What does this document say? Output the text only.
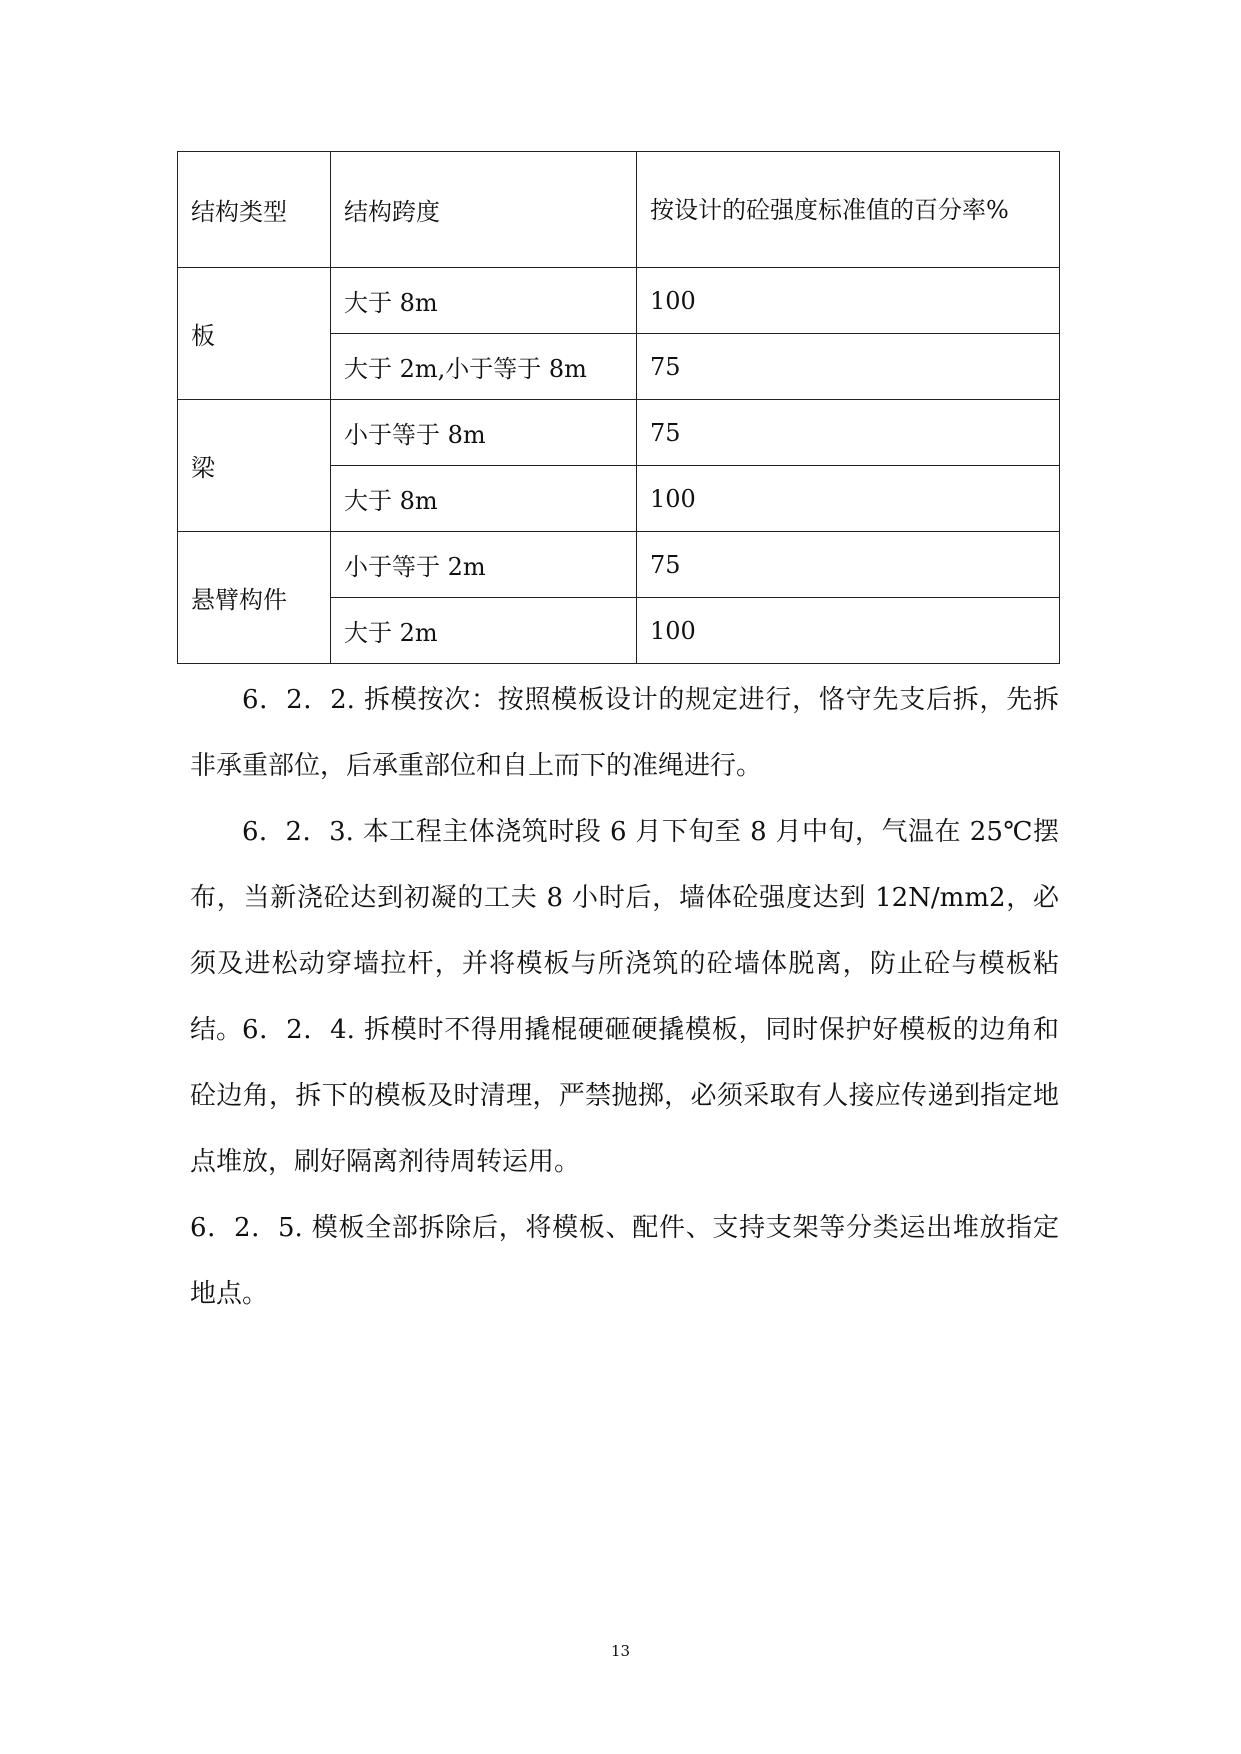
结构类型	结构跨度	按设计的砼强度标准值的百分率%
板	大于 8m	100
	大于 2m,小于等于 8m	75
梁	小于等于 8m	75
	大于 8m	100
悬臂构件	小于等于 2m	75
	大于 2m	100

6．2．2. 拆模按次：按照模板设计的规定进行，恪守先支后拆，先拆非承重部位，后承重部位和自上而下的准绳进行。

6．2．3. 本工程主体浇筑时段 6 月下旬至 8 月中旬，气温在 25℃摆布，当新浇砼达到初凝的工夫 8 小时后，墙体砼强度达到 12N/mm2，必须及进松动穿墙拉杆，并将模板与所浇筑的砼墙体脱离，防止砼与模板粘结。 6．2．4. 拆模时不得用撬棍硬砸硬撬模板，同时保护好模板的边角和砼边角，拆下的模板及时清理，严禁抛掷，必须采取有人接应传递到指定地点堆放，刷好隔离剂待周转运用。

6．2．5. 模板全部拆除后，将模板、配件、支持支架等分类运出堆放指定地点。

13
